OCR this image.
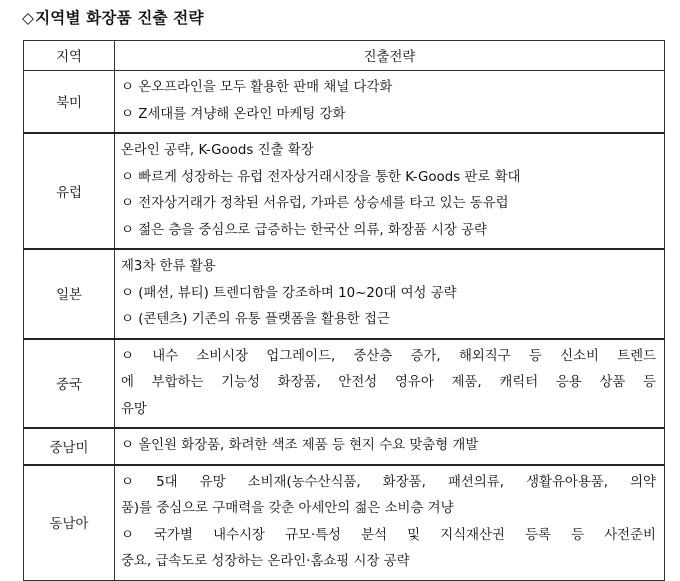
◇지역별 화장품 진출 전략
지역	진출전략
북미	ㅇ 온오프라인을 모두 활용한 판매 채널 다각화
ㅇ Z세대를 겨냥해 온라인 마케팅 강화

유럽	온라인 공략, K-Goods 진출 확장
ㅇ 빠르게 성장하는 유럽 전자상거래시장을 통한 K-Goods 판로 확대
ㅇ 전자상거래가 정착된 서유럽, 가파른 상승세를 타고 있는 동유럽
ㅇ 젊은 층을 중심으로 급증하는 한국산 의류, 화장품 시장 공략

일본	제3차 한류 활용
ㅇ (패션, 뷰티) 트렌디함을 강조하며 10~20대 여성 공략
ㅇ (콘텐츠) 기존의 유통 플랫폼을 활용한 접근

중국	ㅇ 내수 소비시장 업그레이드, 중산층 증가, 해외직구 등 신소비 트렌드
에 부합하는 기능성 화장품, 안전성 영유아 제품, 캐릭터 응용 상품 등
유망

중남미	ㅇ 올인원 화장품, 화려한 색조 제품 등 현지 수요 맞춤형 개발

동남아	ㅇ 5대 유망 소비재(농수산식품, 화장품, 패션의류, 생활유아용품, 의약
품)를 중심으로 구매력을 갖춘 아세안의 젊은 소비층 겨냥
ㅇ 국가별 내수시장 규모·특성 분석 및 지식재산권 등록 등 사전준비
중요, 급속도로 성장하는 온라인·홈쇼핑 시장 공략
